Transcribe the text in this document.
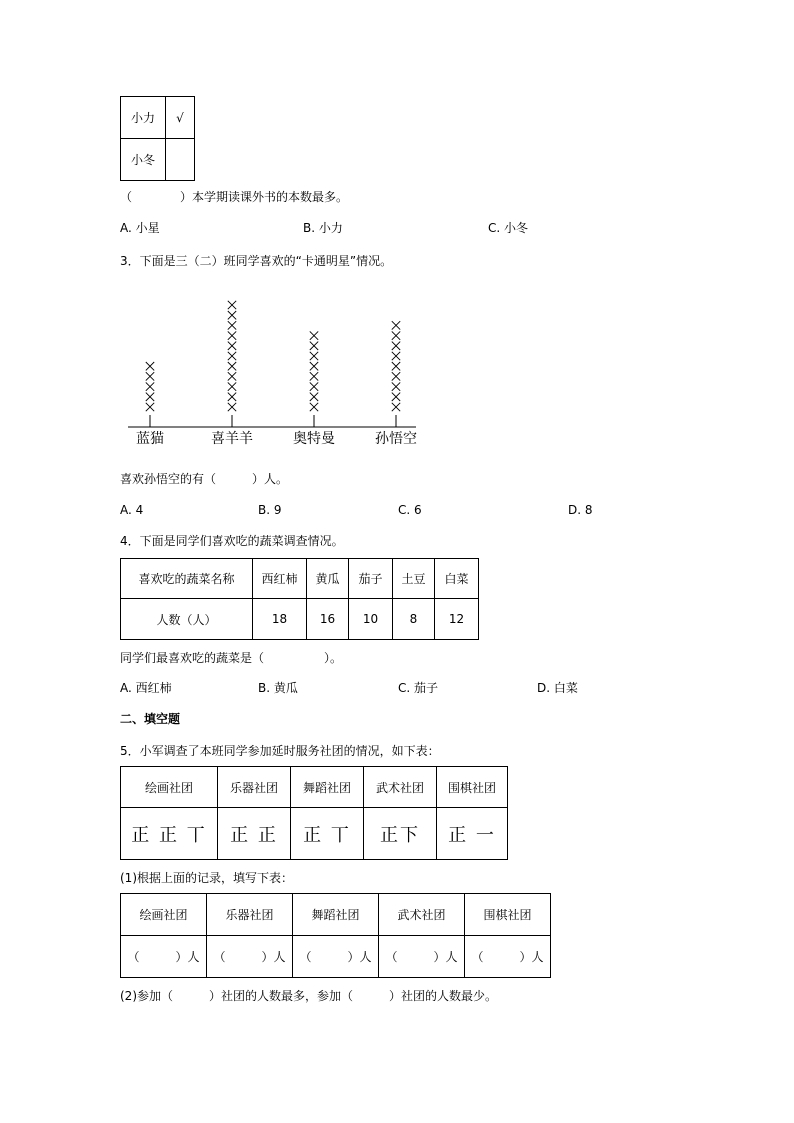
小力	√
小冬	
（　　　　）本学期读课外书的本数最多。
A. 小星	B. 小力	C. 小冬
3．下面是三（二）班同学喜欢的“卡通明星”情况。
蓝猫	喜羊羊	奥特曼	孙悟空
喜欢孙悟空的有（　　　）人。
A. 4	B. 9	C. 6	D. 8
4．下面是同学们喜欢吃的蔬菜调查情况。
喜欢吃的蔬菜名称	西红柿	黄瓜	茄子	土豆	白菜
人数（人）	18	16	10	8	12
同学们最喜欢吃的蔬菜是（　　　　　）。
A. 西红柿	B. 黄瓜	C. 茄子	D. 白菜
二、填空题
5．小军调查了本班同学参加延时服务社团的情况，如下表：
绘画社团	乐器社团	舞蹈社团	武术社团	围棋社团
正 正 丅	正 正	正 丅	正下	正 一
(1)根据上面的记录，填写下表：
绘画社团	乐器社团	舞蹈社团	武术社团	围棋社团
（　　　）人	（　　　）人	（　　　）人	（　　　）人	（　　　）人
(2)参加（　　　）社团的人数最多，参加（　　　）社团的人数最少。
